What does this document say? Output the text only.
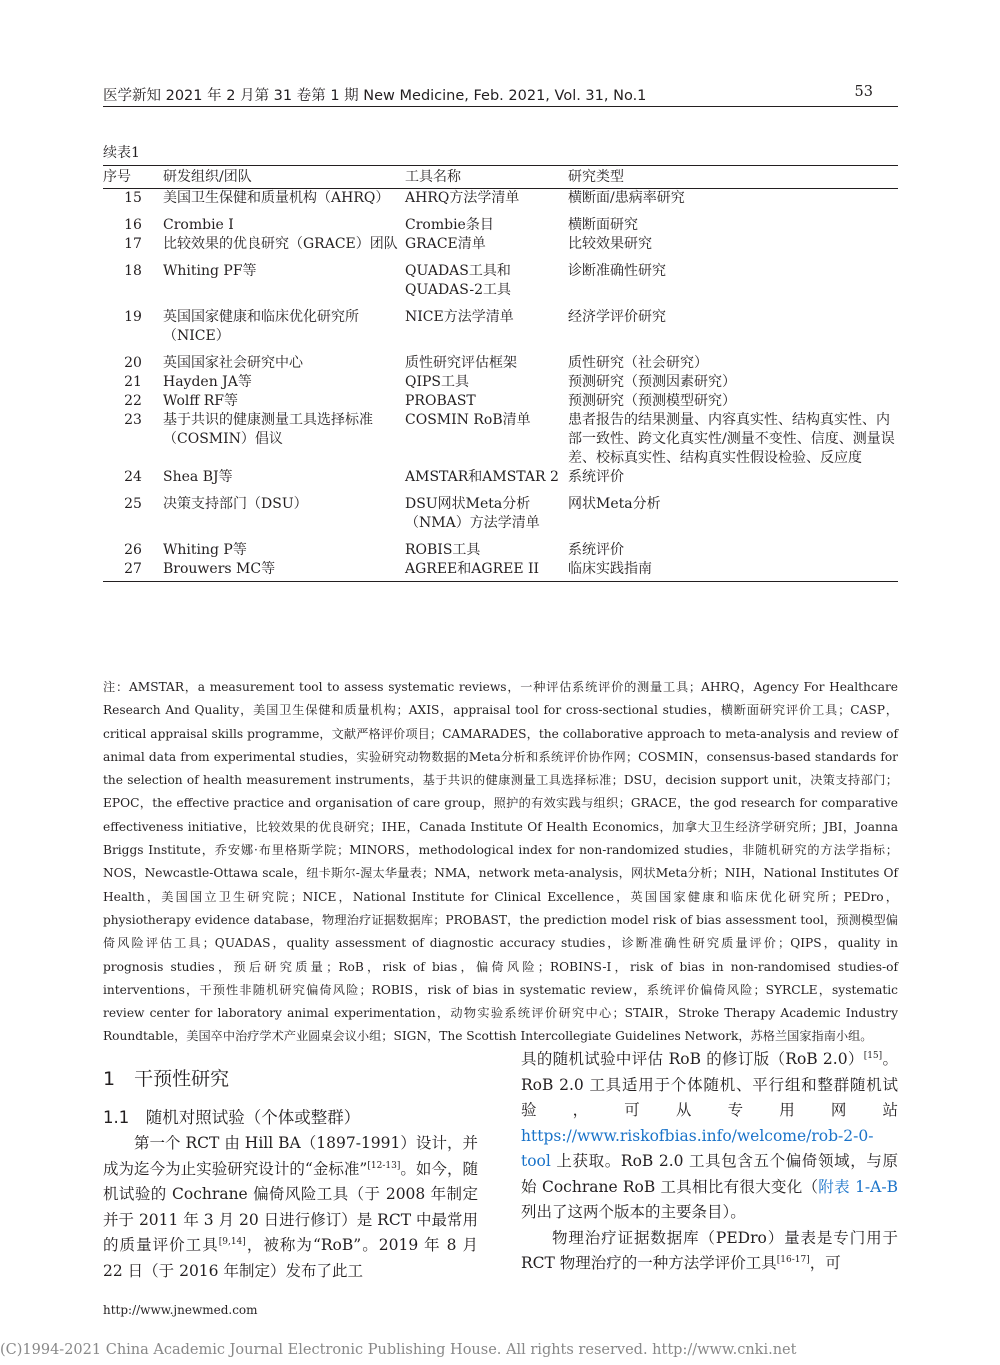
医学新知 2021 年 2 月第 31 卷第 1 期 New Medicine, Feb. 2021, Vol. 31, No.1	53
续表1
序号	研发组织/团队	工具名称	研究类型
15	美国卫生保健和质量机构（AHRQ）	AHRQ方法学清单	横断面/患病率研究
16	Crombie I	Crombie条目	横断面研究
17	比较效果的优良研究（GRACE）团队	GRACE清单	比较效果研究
18	Whiting PF等	QUADAS工具和QUADAS-2工具	诊断准确性研究
19	英国国家健康和临床优化研究所（NICE）	NICE方法学清单	经济学评价研究
20	英国国家社会研究中心	质性研究评估框架	质性研究（社会研究）
21	Hayden JA等	QIPS工具	预测研究（预测因素研究）
22	Wolff RF等	PROBAST	预测研究（预测模型研究）
23	基于共识的健康测量工具选择标准（COSMIN）倡议	COSMIN RoB清单	患者报告的结果测量、内容真实性、结构真实性、内部一致性、跨文化真实性/测量不变性、信度、测量误差、校标真实性、结构真实性假设检验、反应度
24	Shea BJ等	AMSTAR和AMSTAR 2	系统评价
25	决策支持部门（DSU）	DSU网状Meta分析（NMA）方法学清单	网状Meta分析
26	Whiting P等	ROBIS工具	系统评价
27	Brouwers MC等	AGREE和AGREE II	临床实践指南
注：AMSTAR，a measurement tool to assess systematic reviews，一种评估系统评价的测量工具；AHRQ，Agency For Healthcare Research And Quality，美国卫生保健和质量机构；AXIS，appraisal tool for cross-sectional studies，横断面研究评价工具；CASP，critical appraisal skills programme，文献严格评价项目；CAMARADES，the collaborative approach to meta-analysis and review of animal data from experimental studies，实验研究动物数据的Meta分析和系统评价协作网；COSMIN，consensus-based standards for the selection of health measurement instruments，基于共识的健康测量工具选择标准；DSU，decision support unit，决策支持部门；EPOC，the effective practice and organisation of care group，照护的有效实践与组织；GRACE，the god research for comparative effectiveness initiative，比较效果的优良研究；IHE，Canada Institute Of Health Economics，加拿大卫生经济学研究所；JBI，Joanna Briggs Institute，乔安娜·布里格斯学院；MINORS，methodological index for non-randomized studies，非随机研究的方法学指标；NOS，Newcastle-Ottawa scale，纽卡斯尔-渥太华量表；NMA，network meta-analysis，网状Meta分析；NIH，National Institutes Of Health，美国国立卫生研究院；NICE，National Institute for Clinical Excellence，英国国家健康和临床优化研究所；PEDro，physiotherapy evidence database，物理治疗证据数据库；PROBAST，the prediction model risk of bias assessment tool，预测模型偏倚风险评估工具；QUADAS，quality assessment of diagnostic accuracy studies，诊断准确性研究质量评价；QIPS，quality in prognosis studies，预后研究质量；RoB，risk of bias，偏倚风险；ROBINS-I，risk of bias in non-randomised studies-of interventions，干预性非随机研究偏倚风险；ROBIS，risk of bias in systematic review，系统评价偏倚风险；SYRCLE，systematic review center for laboratory animal experimentation，动物实验系统评价研究中心；STAIR，Stroke Therapy Academic Industry Roundtable，美国卒中治疗学术产业圆桌会议小组；SIGN，The Scottish Intercollegiate Guidelines Network，苏格兰国家指南小组。
1　干预性研究
1.1　随机对照试验（个体或整群）

第一个 RCT 由 Hill BA（1897-1991）设计，并成为迄今为止实验研究设计的“金标准”[12-13]。如今，随机试验的 Cochrane 偏倚风险工具（于 2008 年制定并于 2011 年 3 月 20 日进行修订）是 RCT 中最常用的质量评价工具[9,14]，被称为“RoB”。2019 年 8 月 22 日（于 2016 年制定）发布了此工

具的随机试验中评估 RoB 的修订版（RoB 2.0）[15]。RoB 2.0 工具适用于个体随机、平行组和整群随机试验，可从专用网站 https://www.riskofbias.info/welcome/rob-2-0-tool 上获取。RoB 2.0 工具包含五个偏倚领域，与原始 Cochrane RoB 工具相比有很大变化（附表 1-A-B 列出了这两个版本的主要条目）。

物理治疗证据数据库（PEDro）量表是专门用于 RCT 物理治疗的一种方法学评价工具[16-17]，可

http://www.jnewmed.com
(C)1994-2021 China Academic Journal Electronic Publishing House. All rights reserved. http://www.cnki.net
